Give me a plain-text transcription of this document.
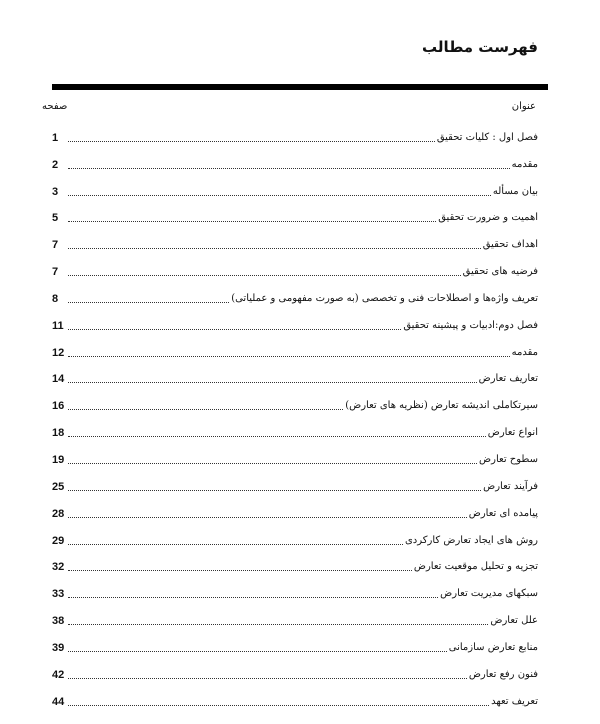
فهرست مطالب
عنوان
صفحه
فصل اول : کلیات تحقیق
1
مقدمه
2
بیان مسأله
3
اهمیت و ضرورت تحقیق
5
اهداف تحقیق
7
فرضیه های تحقیق
7
تعریف واژه‌ها و اصطلاحات فنی و تخصصی (به صورت مفهومی و عملیاتی)
8
فصل دوم:ادبیات و پیشینه تحقیق
11
مقدمه
12
تعاریف تعارض
14
سیرتکاملی اندیشه تعارض (نظریه های تعارض)
16
انواع تعارض
18
سطوح تعارض
19
فرآیند تعارض
25
پیامد‌ه ای تعارض
28
روش های ایجاد تعارض کارکردی
29
تجزیه و تحلیل موقعیت تعارض
32
سبکهای مدیریت تعارض
33
علل تعارض
38
منابع تعارض سازمانی
39
فنون رفع تعارض
42
تعریف تعهد
44
